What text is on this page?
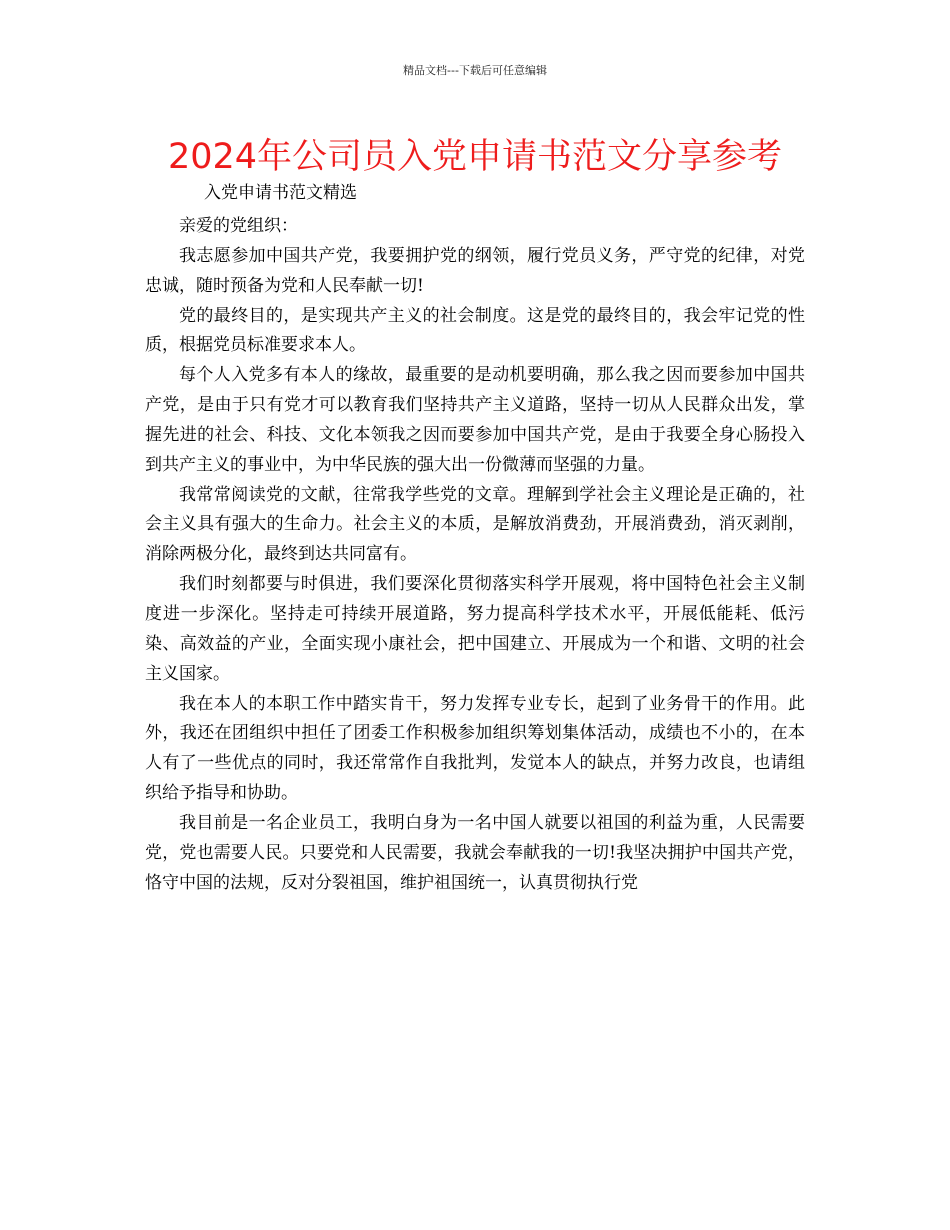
精品文档---下载后可任意编辑
2024年公司员入党申请书范文分享参考
入党申请书范文精选

亲爱的党组织：

我志愿参加中国共产党，我要拥护党的纲领，履行党员义务，严守党的纪律，对党忠诚，随时预备为党和人民奉献一切!

党的最终目的，是实现共产主义的社会制度。这是党的最终目的，我会牢记党的性质，根据党员标准要求本人。

每个人入党多有本人的缘故，最重要的是动机要明确，那么我之因而要参加中国共产党，是由于只有党才可以教育我们坚持共产主义道路，坚持一切从人民群众出发，掌握先进的社会、科技、文化本领我之因而要参加中国共产党，是由于我要全身心肠投入到共产主义的事业中，为中华民族的强大出一份微薄而坚强的力量。

我常常阅读党的文献，往常我学些党的文章。理解到学社会主义理论是正确的，社会主义具有强大的生命力。社会主义的本质，是解放消费劲，开展消费劲，消灭剥削，消除两极分化，最终到达共同富有。

我们时刻都要与时俱进，我们要深化贯彻落实科学开展观，将中国特色社会主义制度进一步深化。坚持走可持续开展道路，努力提高科学技术水平，开展低能耗、低污染、高效益的产业，全面实现小康社会，把中国建立、开展成为一个和谐、文明的社会主义国家。

我在本人的本职工作中踏实肯干，努力发挥专业专长，起到了业务骨干的作用。此外，我还在团组织中担任了团委工作积极参加组织筹划集体活动，成绩也不小的，在本人有了一些优点的同时，我还常常作自我批判，发觉本人的缺点，并努力改良，也请组织给予指导和协助。

我目前是一名企业员工，我明白身为一名中国人就要以祖国的利益为重，人民需要党，党也需要人民。只要党和人民需要，我就会奉献我的一切!我坚决拥护中国共产党，恪守中国的法规，反对分裂祖国，维护祖国统一，认真贯彻执行党
